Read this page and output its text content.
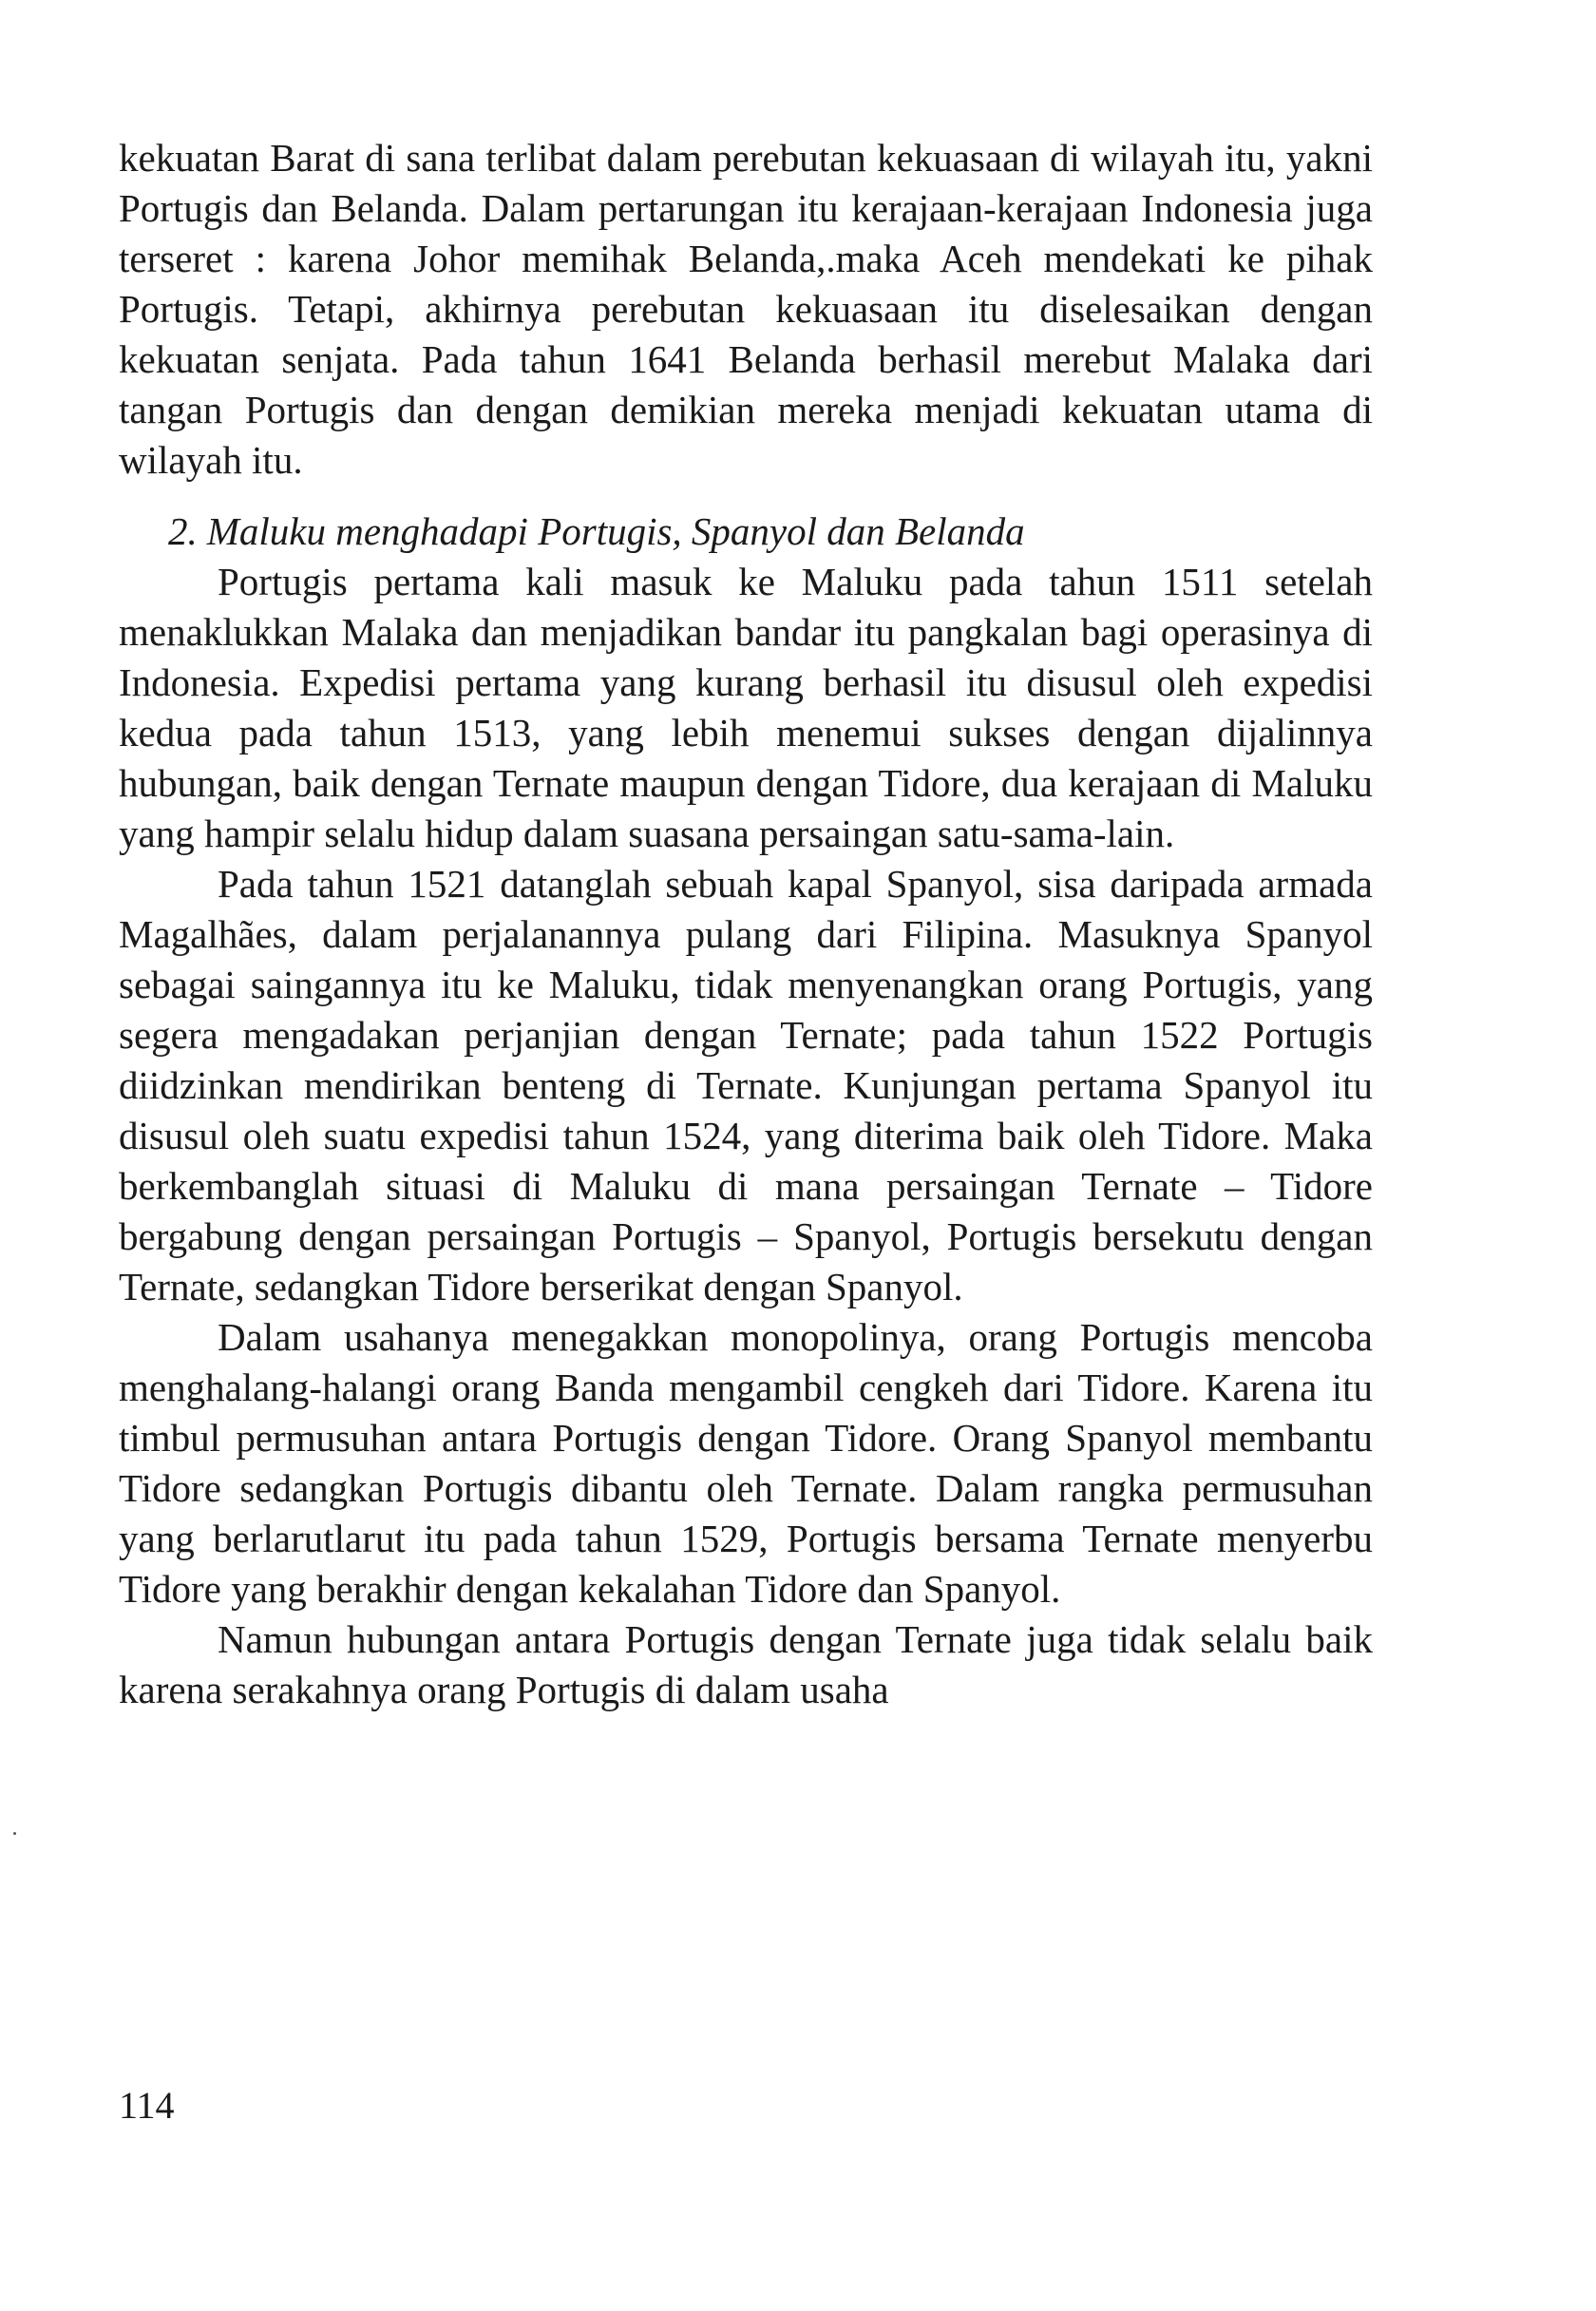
kekuatan Barat di sana terlibat dalam perebutan kekuasaan di wilayah itu, yakni Portugis dan Belanda. Dalam pertarungan itu kerajaan-kerajaan Indonesia juga terseret : karena Johor memihak Belanda,.maka Aceh mendekati ke pihak Portugis. Tetapi, akhirnya perebutan kekuasaan itu diselesaikan dengan kekuatan senjata. Pada tahun 1641 Belanda berhasil merebut Malaka dari tangan Portugis dan dengan demikian mereka menjadi kekuatan utama di wilayah itu.

2. Maluku menghadapi Portugis, Spanyol dan Belanda

Portugis pertama kali masuk ke Maluku pada tahun 1511 setelah menaklukkan Malaka dan menjadikan bandar itu pangkalan bagi operasinya di Indonesia. Expedisi pertama yang kurang berhasil itu disusul oleh expedisi kedua pada tahun 1513, yang lebih menemui sukses dengan dijalinnya hubungan, baik dengan Ternate maupun dengan Tidore, dua kerajaan di Maluku yang hampir selalu hidup dalam suasana persaingan satu-sama-lain.

Pada tahun 1521 datanglah sebuah kapal Spanyol, sisa daripada armada Magalhães, dalam perjalanannya pulang dari Filipina. Masuknya Spanyol sebagai saingannya itu ke Maluku, tidak menyenangkan orang Portugis, yang segera mengadakan perjanjian dengan Ternate; pada tahun 1522 Portugis diidzinkan mendirikan benteng di Ternate. Kunjungan pertama Spanyol itu disusul oleh suatu expedisi tahun 1524, yang diterima baik oleh Tidore. Maka berkembanglah situasi di Maluku di mana persaingan Ternate – Tidore bergabung dengan persaingan Portugis – Spanyol, Portugis bersekutu dengan Ternate, sedangkan Tidore berserikat dengan Spanyol.

Dalam usahanya menegakkan monopolinya, orang Portugis mencoba menghalang-halangi orang Banda mengambil cengkeh dari Tidore. Karena itu timbul permusuhan antara Portugis dengan Tidore. Orang Spanyol membantu Tidore sedangkan Portugis dibantu oleh Ternate. Dalam rangka permusuhan yang berlarutlarut itu pada tahun 1529, Portugis bersama Ternate menyerbu Tidore yang berakhir dengan kekalahan Tidore dan Spanyol.

Namun hubungan antara Portugis dengan Ternate juga tidak selalu baik karena serakahnya orang Portugis di dalam usaha

114
